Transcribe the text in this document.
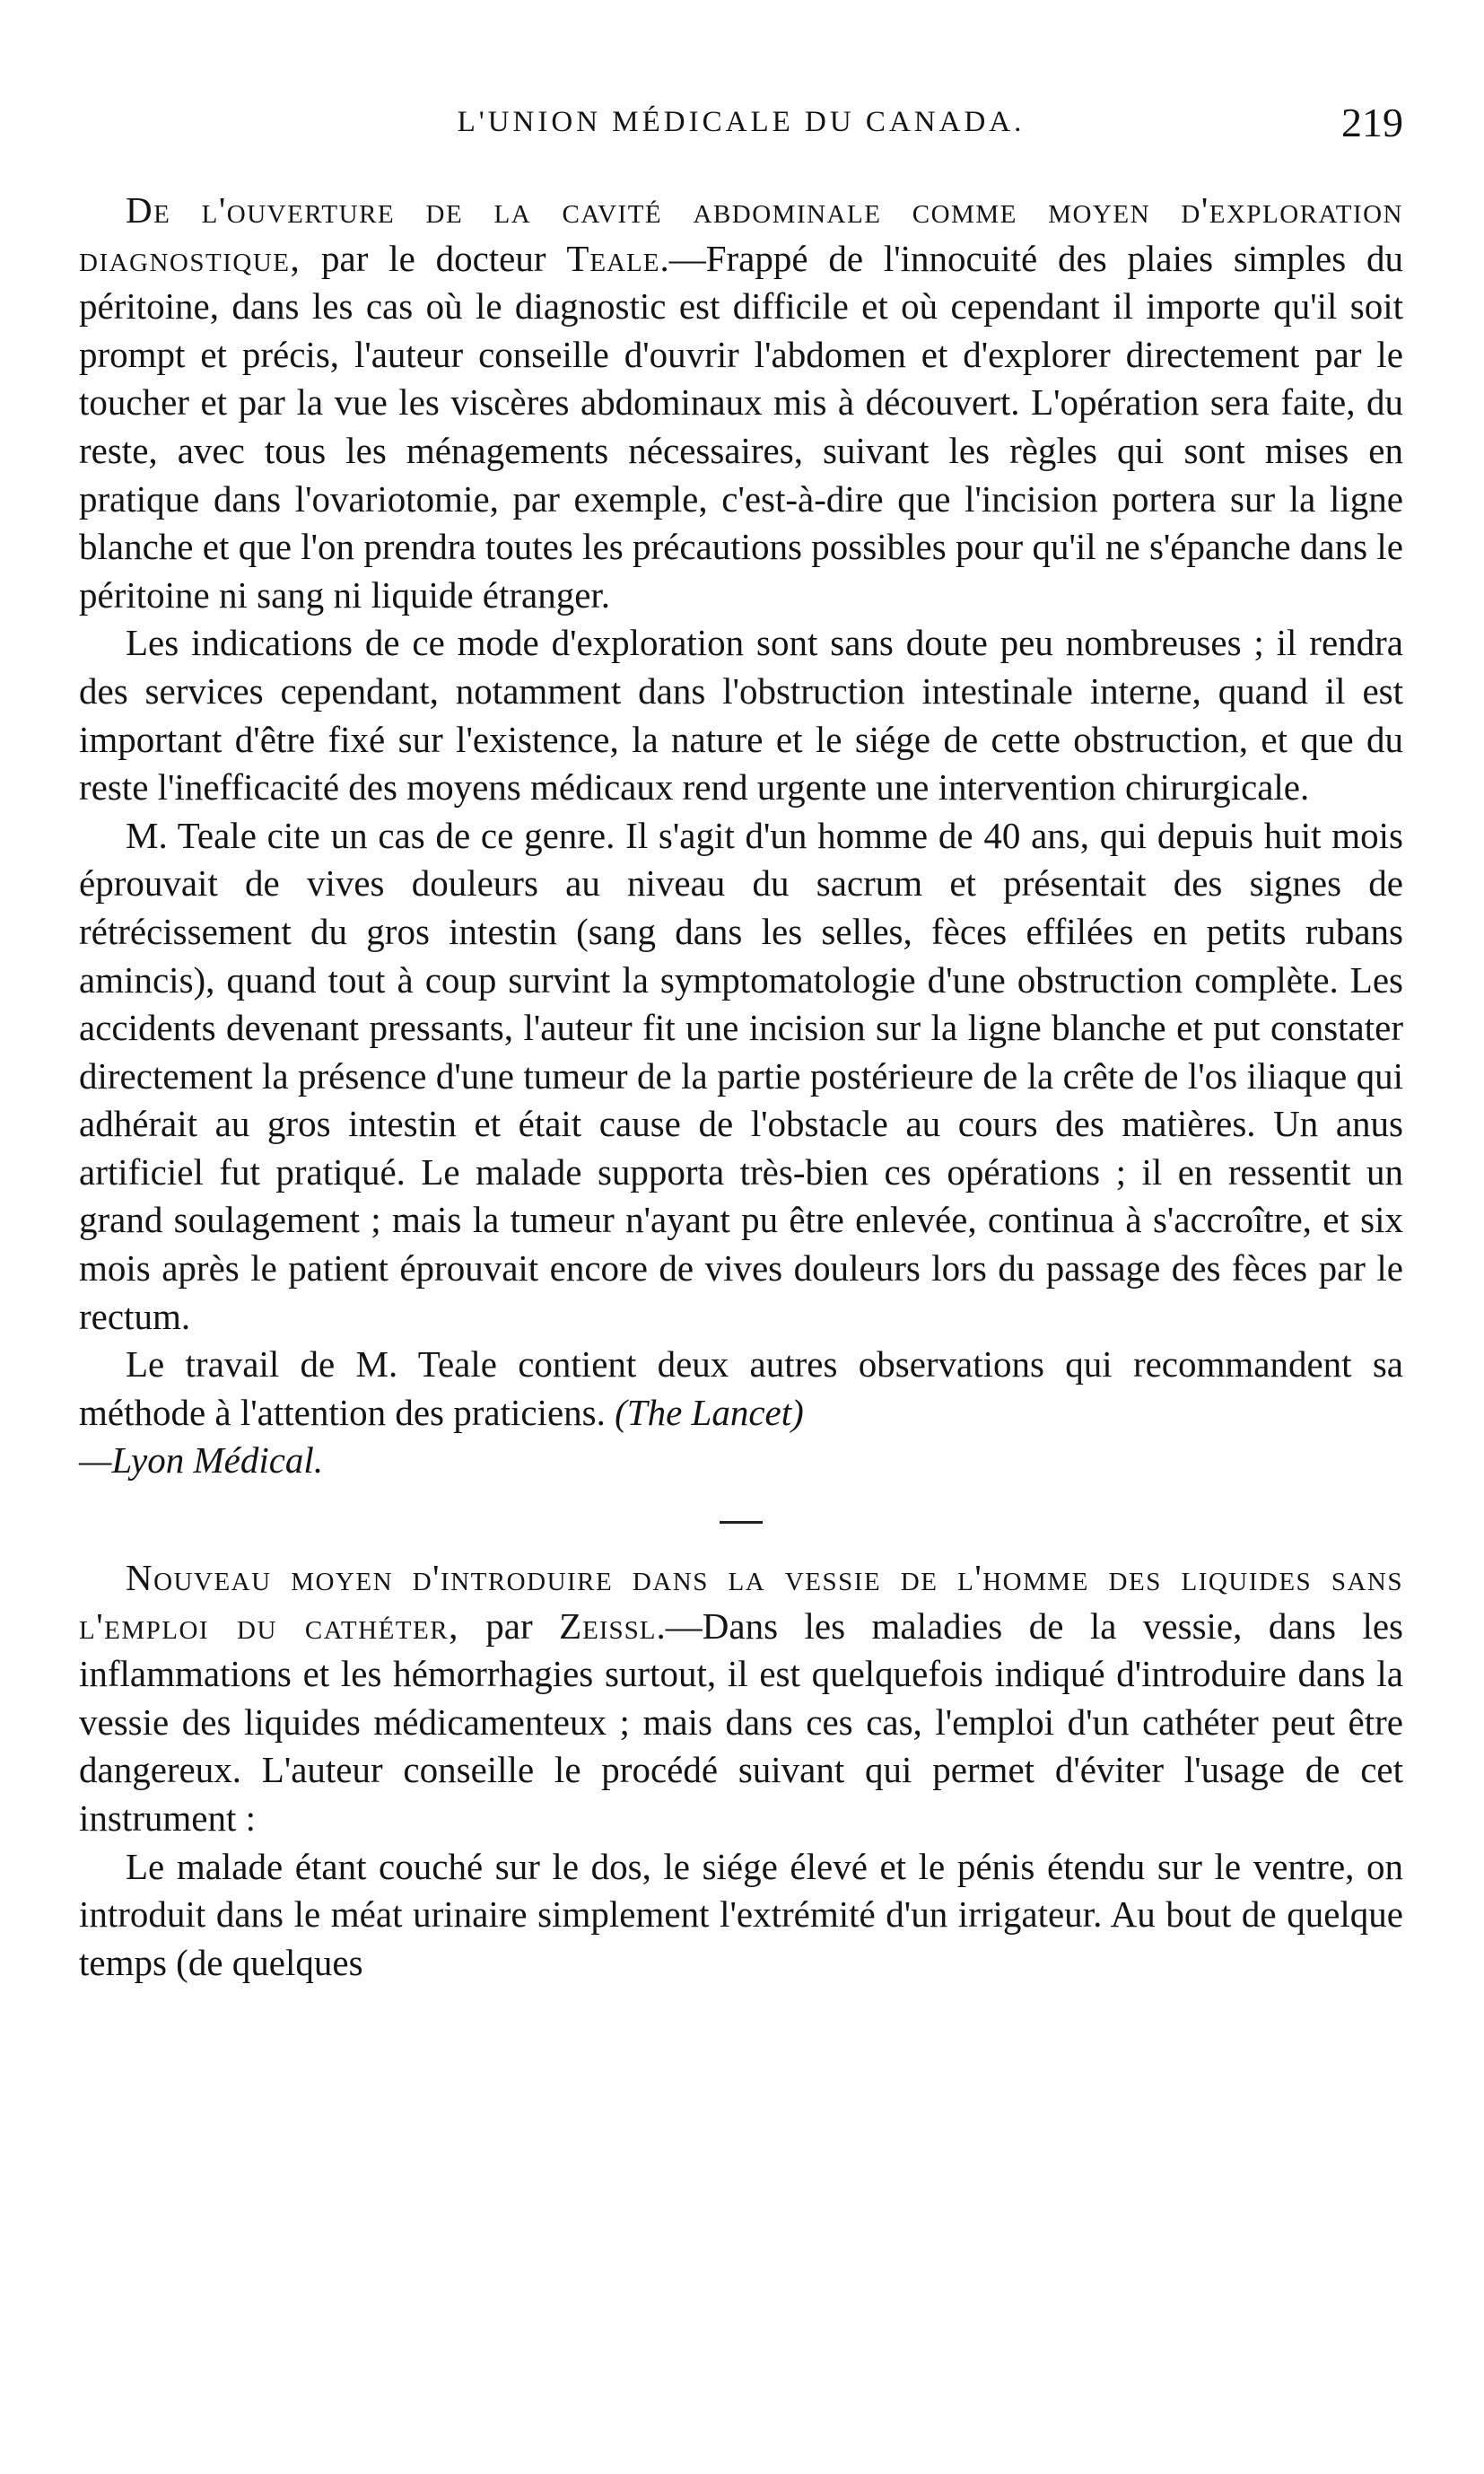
L'UNION MÉDICALE DU CANADA.	219

De l'ouverture de la cavité abdominale comme moyen d'exploration diagnostique, par le docteur Teale.—Frappé de l'innocuité des plaies simples du péritoine, dans les cas où le diagnostic est difficile et où cependant il importe qu'il soit prompt et précis, l'auteur conseille d'ouvrir l'abdomen et d'explorer directement par le toucher et par la vue les viscères abdominaux mis à découvert. L'opération sera faite, du reste, avec tous les ménagements nécessaires, suivant les règles qui sont mises en pratique dans l'ovariotomie, par exemple, c'est-à-dire que l'incision portera sur la ligne blanche et que l'on prendra toutes les précautions possibles pour qu'il ne s'épanche dans le péritoine ni sang ni liquide étranger.

Les indications de ce mode d'exploration sont sans doute peu nombreuses ; il rendra des services cependant, notamment dans l'obstruction intestinale interne, quand il est important d'être fixé sur l'existence, la nature et le siége de cette obstruction, et que du reste l'inefficacité des moyens médicaux rend urgente une intervention chirurgicale.

M. Teale cite un cas de ce genre. Il s'agit d'un homme de 40 ans, qui depuis huit mois éprouvait de vives douleurs au niveau du sacrum et présentait des signes de rétrécissement du gros intestin (sang dans les selles, fèces effilées en petits rubans amincis), quand tout à coup survint la symptomatologie d'une obstruction complète. Les accidents devenant pressants, l'auteur fit une incision sur la ligne blanche et put constater directement la présence d'une tumeur de la partie postérieure de la crête de l'os iliaque qui adhérait au gros intestin et était cause de l'obstacle au cours des matières. Un anus artificiel fut pratiqué. Le malade supporta très-bien ces opérations ; il en ressentit un grand soulagement ; mais la tumeur n'ayant pu être enlevée, continua à s'accroître, et six mois après le patient éprouvait encore de vives douleurs lors du passage des fèces par le rectum.

Le travail de M. Teale contient deux autres observations qui recommandent sa méthode à l'attention des praticiens. (The Lancet)
—Lyon Médical.

Nouveau moyen d'introduire dans la vessie de l'homme des liquides sans l'emploi du cathéter, par Zeissl.—Dans les maladies de la vessie, dans les inflammations et les hémorrhagies surtout, il est quelquefois indiqué d'introduire dans la vessie des liquides médicamenteux ; mais dans ces cas, l'emploi d'un cathéter peut être dangereux. L'auteur conseille le procédé suivant qui permet d'éviter l'usage de cet instrument :

Le malade étant couché sur le dos, le siége élevé et le pénis étendu sur le ventre, on introduit dans le méat urinaire simplement l'extrémité d'un irrigateur. Au bout de quelque temps (de quelques
